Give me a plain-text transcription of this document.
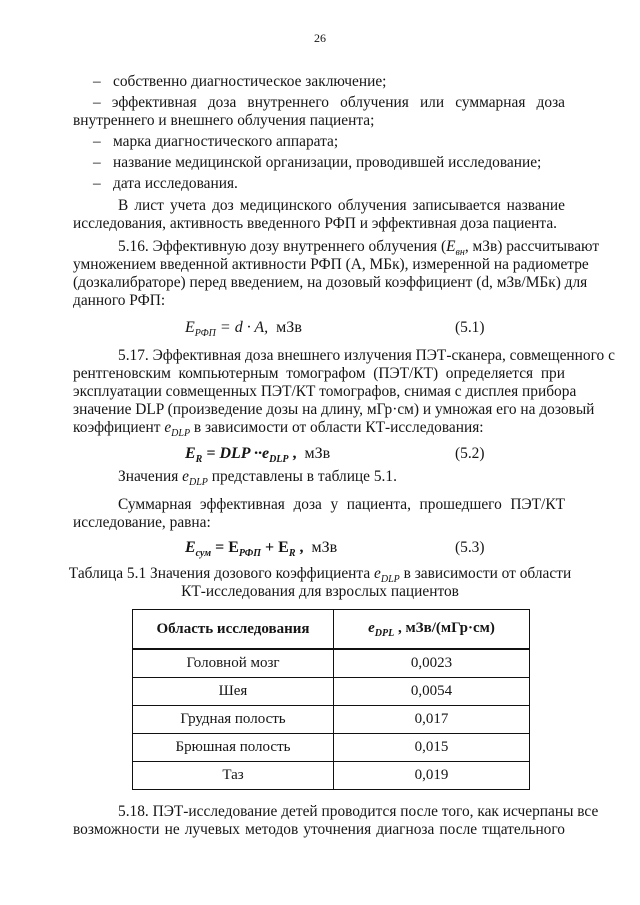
26
– собственно диагностическое заключение;
– эффективная доза внутреннего облучения или суммарная доза
внутреннего и внешнего облучения пациента;
– марка диагностического аппарата;
– название медицинской организации, проводившей исследование;
– дата исследования.
В лист учета доз медицинского облучения записывается название
исследования, активность введенного РФП и эффективная доза пациента.
5.16. Эффективную дозу внутреннего облучения ($E_{вн}$, мЗв) рассчитывают
умножением введенной активности РФП (А, МБк), измеренной на радиометре
(дозкалибраторе) перед введением, на дозовый коэффициент (d, мЗв/МБк) для
данного РФП:
$E_{РФП} = d \cdot A$, мЗв	(5.1)
5.17. Эффективная доза внешнего излучения ПЭТ-сканера, совмещенного с
рентгеновским компьютерным томографом (ПЭТ/КТ) определяется при
эксплуатации совмещенных ПЭТ/КТ томографов, снимая с дисплея прибора
значение DLP (произведение дозы на длину, мГр·см) и умножая его на дозовый
коэффициент $e_{DLP}$ в зависимости от области КТ-исследования:
$E_R$ = DLP $\cdot\cdot e_{DLP}$ , мЗв	(5.2)
Значения $e_{DLP}$ представлены в таблице 5.1.
Суммарная эффективная доза у пациента, прошедшего ПЭТ/КТ
исследование, равна:
$E_{сум} = E_{РФП} + E_R$ , мЗв	(5.3)
Таблица 5.1 Значения дозового коэффициента $e_{DLP}$ в зависимости от области
КТ-исследования для взрослых пациентов
Область исследования	$e_{DPL}$ , мЗв/(мГр·см)
Головной мозг	0,0023
Шея	0,0054
Грудная полость	0,017
Брюшная полость	0,015
Таз	0,019
5.18. ПЭТ-исследование детей проводится после того, как исчерпаны все
возможности не лучевых методов уточнения диагноза после тщательного
